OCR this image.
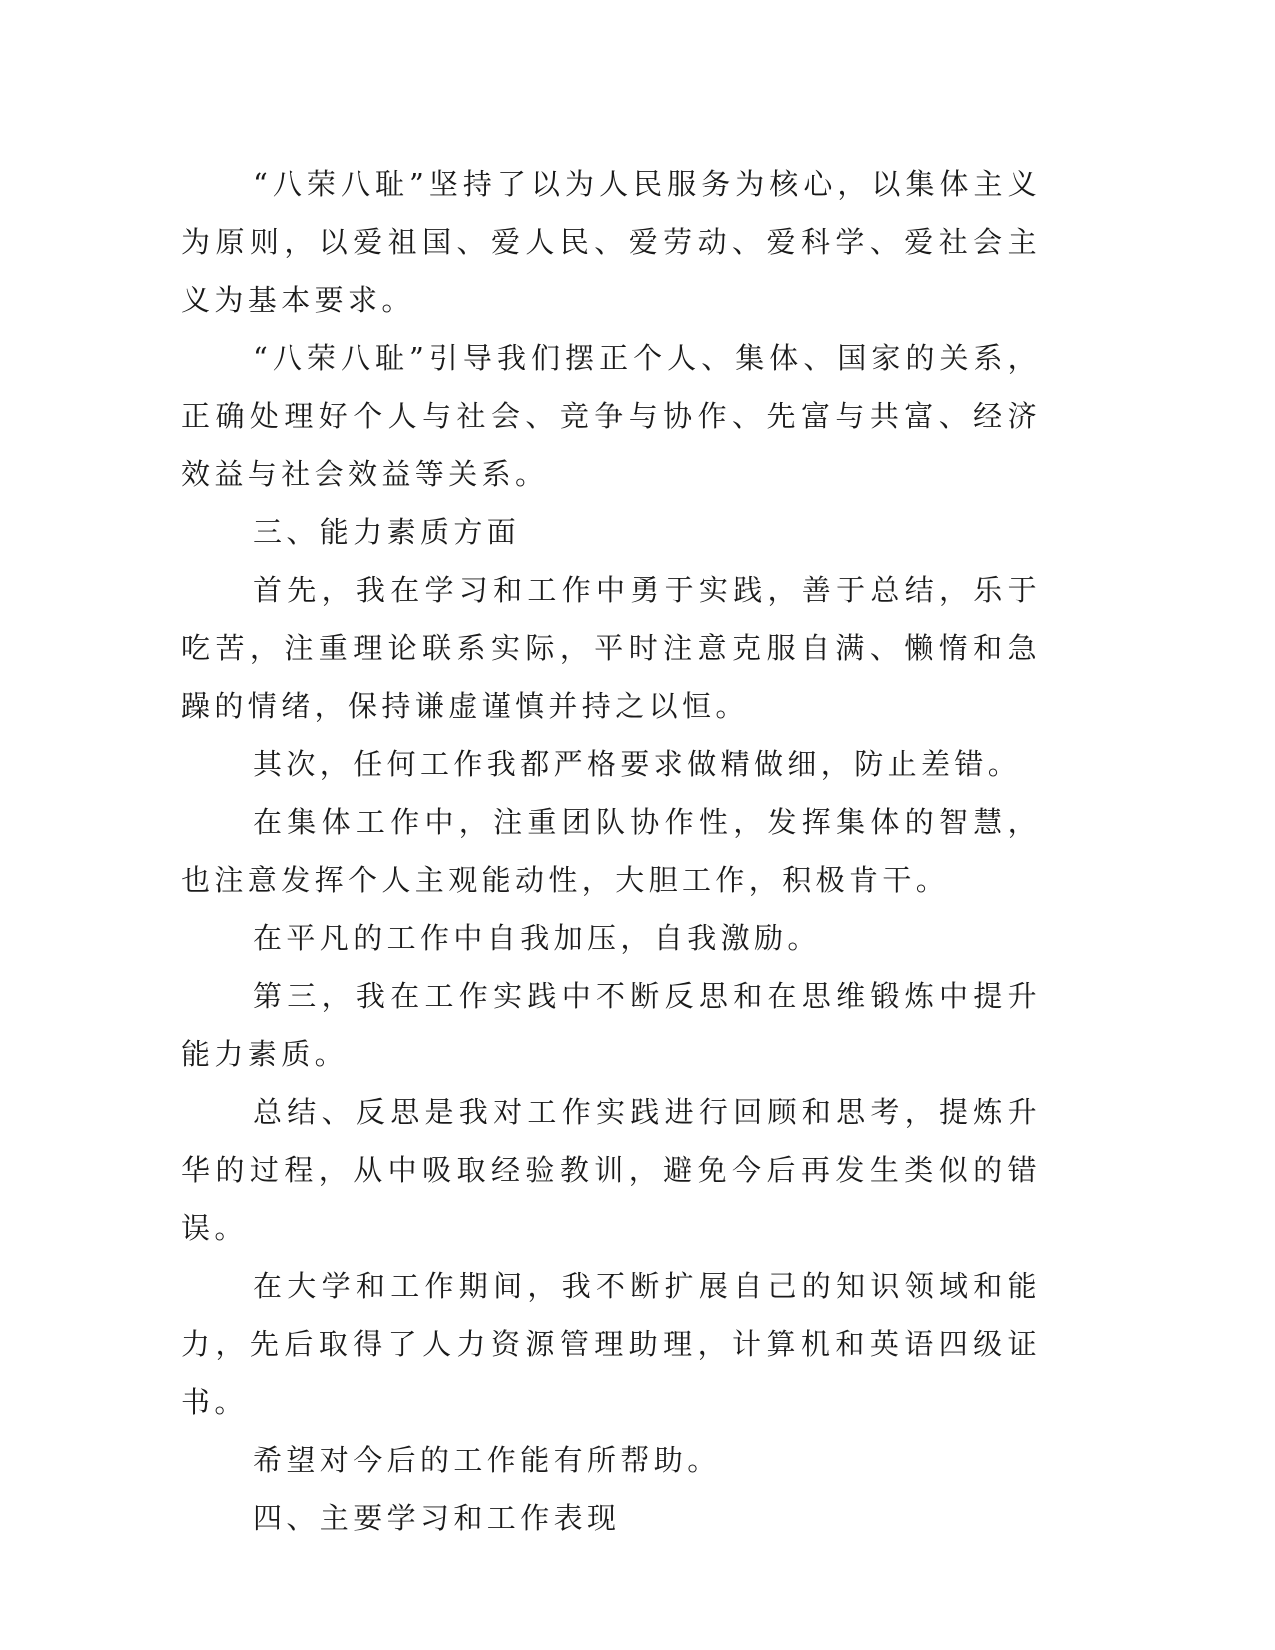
“八荣八耻”坚持了以为人民服务为核心，以集体主义为原则，以爱祖国、爱人民、爱劳动、爱科学、爱社会主义为基本要求。

“八荣八耻”引导我们摆正个人、集体、国家的关系，正确处理好个人与社会、竞争与协作、先富与共富、经济效益与社会效益等关系。

三、能力素质方面

首先，我在学习和工作中勇于实践，善于总结，乐于吃苦，注重理论联系实际，平时注意克服自满、懒惰和急躁的情绪，保持谦虚谨慎并持之以恒。

其次，任何工作我都严格要求做精做细，防止差错。

在集体工作中，注重团队协作性，发挥集体的智慧，也注意发挥个人主观能动性，大胆工作，积极肯干。

在平凡的工作中自我加压，自我激励。

第三，我在工作实践中不断反思和在思维锻炼中提升能力素质。

总结、反思是我对工作实践进行回顾和思考，提炼升华的过程，从中吸取经验教训，避免今后再发生类似的错误。

在大学和工作期间，我不断扩展自己的知识领域和能力，先后取得了人力资源管理助理，计算机和英语四级证书。

希望对今后的工作能有所帮助。

四、主要学习和工作表现
